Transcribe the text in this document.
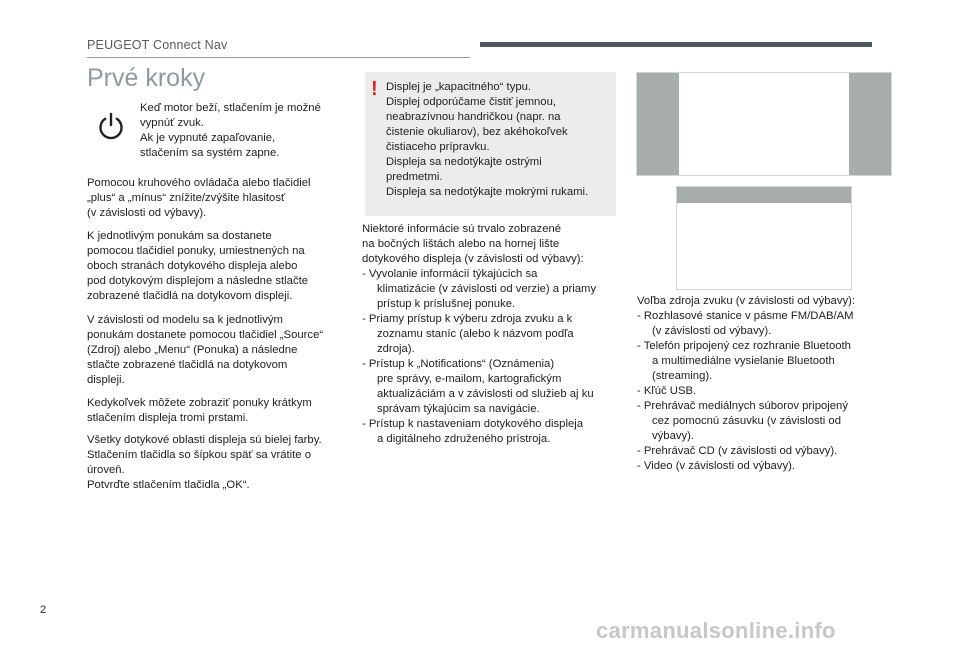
PEUGEOT Connect Nav
Prvé kroky
Keď motor beží, stlačením je možné
vypnúť zvuk.
Ak je vypnuté zapaľovanie,
stlačením sa systém zapne.
Pomocou kruhového ovládača alebo tlačidiel
„plus“ a „mínus“ znížite/zvýšite hlasitosť
(v závislosti od výbavy).
K jednotlivým ponukám sa dostanete
pomocou tlačidiel ponuky, umiestnených na
oboch stranách dotykového displeja alebo
pod dotykovým displejom a následne stlačte
zobrazené tlačidlá na dotykovom displeji.
V závislosti od modelu sa k jednotlivým
ponukám dostanete pomocou tlačidiel „Source“
(Zdroj) alebo „Menu“ (Ponuka) a následne
stlačte zobrazené tlačidlá na dotykovom
displeji.
Kedykoľvek môžete zobraziť ponuky krátkym
stlačením displeja tromi prstami.
Všetky dotykové oblasti displeja sú bielej farby.
Stlačením tlačidla so šípkou späť sa vrátite o
úroveň.
Potvrďte stlačením tlačidla „OK“.
! Displej je „kapacitného“ typu.
Displej odporúčame čistiť jemnou,
neabrazívnou handričkou (napr. na
čistenie okuliarov), bez akéhokoľvek
čistiaceho prípravku.
Displeja sa nedotýkajte ostrými
predmetmi.
Displeja sa nedotýkajte mokrými rukami.
Niektoré informácie sú trvalo zobrazené
na bočných lištách alebo na hornej lište
dotykového displeja (v závislosti od výbavy):
- Vyvolanie informácií týkajúcich sa
klimatizácie (v závislosti od verzie) a priamy
prístup k príslušnej ponuke.
- Priamy prístup k výberu zdroja zvuku a k
zoznamu staníc (alebo k názvom podľa
zdroja).
- Prístup k „Notifications“ (Oznámenia)
pre správy, e-mailom, kartografickým
aktualizáciám a v závislosti od služieb aj ku
správam týkajúcim sa navigácie.
- Prístup k nastaveniam dotykového displeja
a digitálneho združeného prístroja.
Voľba zdroja zvuku (v závislosti od výbavy):
- Rozhlasové stanice v pásme FM/DAB/AM
(v závislosti od výbavy).
- Telefón pripojený cez rozhranie Bluetooth
a multimediálne vysielanie Bluetooth
(streaming).
- Kľúč USB.
- Prehrávač mediálnych súborov pripojený
cez pomocnú zásuvku (v závislosti od
výbavy).
- Prehrávač CD (v závislosti od výbavy).
- Video (v závislosti od výbavy).
2
carmanualsonline.info
